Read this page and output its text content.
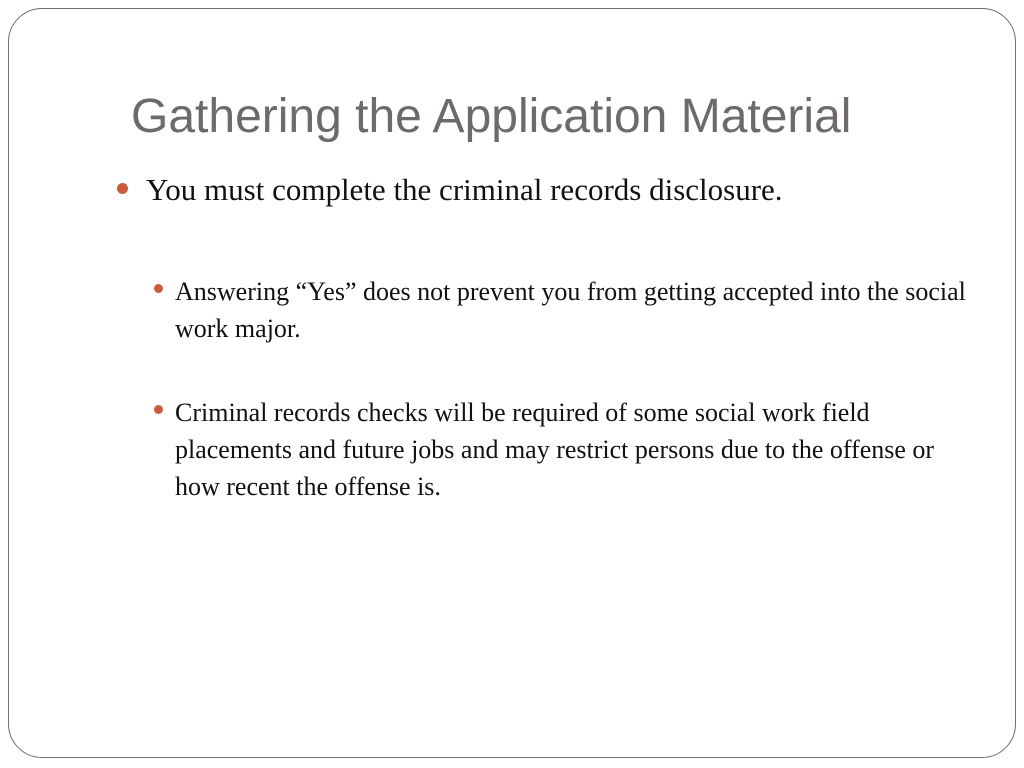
Gathering the Application Material

You must complete the criminal records disclosure.

Answering “Yes” does not prevent you from getting accepted into the social work major.

Criminal records checks will be required of some social work field placements and future jobs and may restrict persons due to the offense or how recent the offense is.
